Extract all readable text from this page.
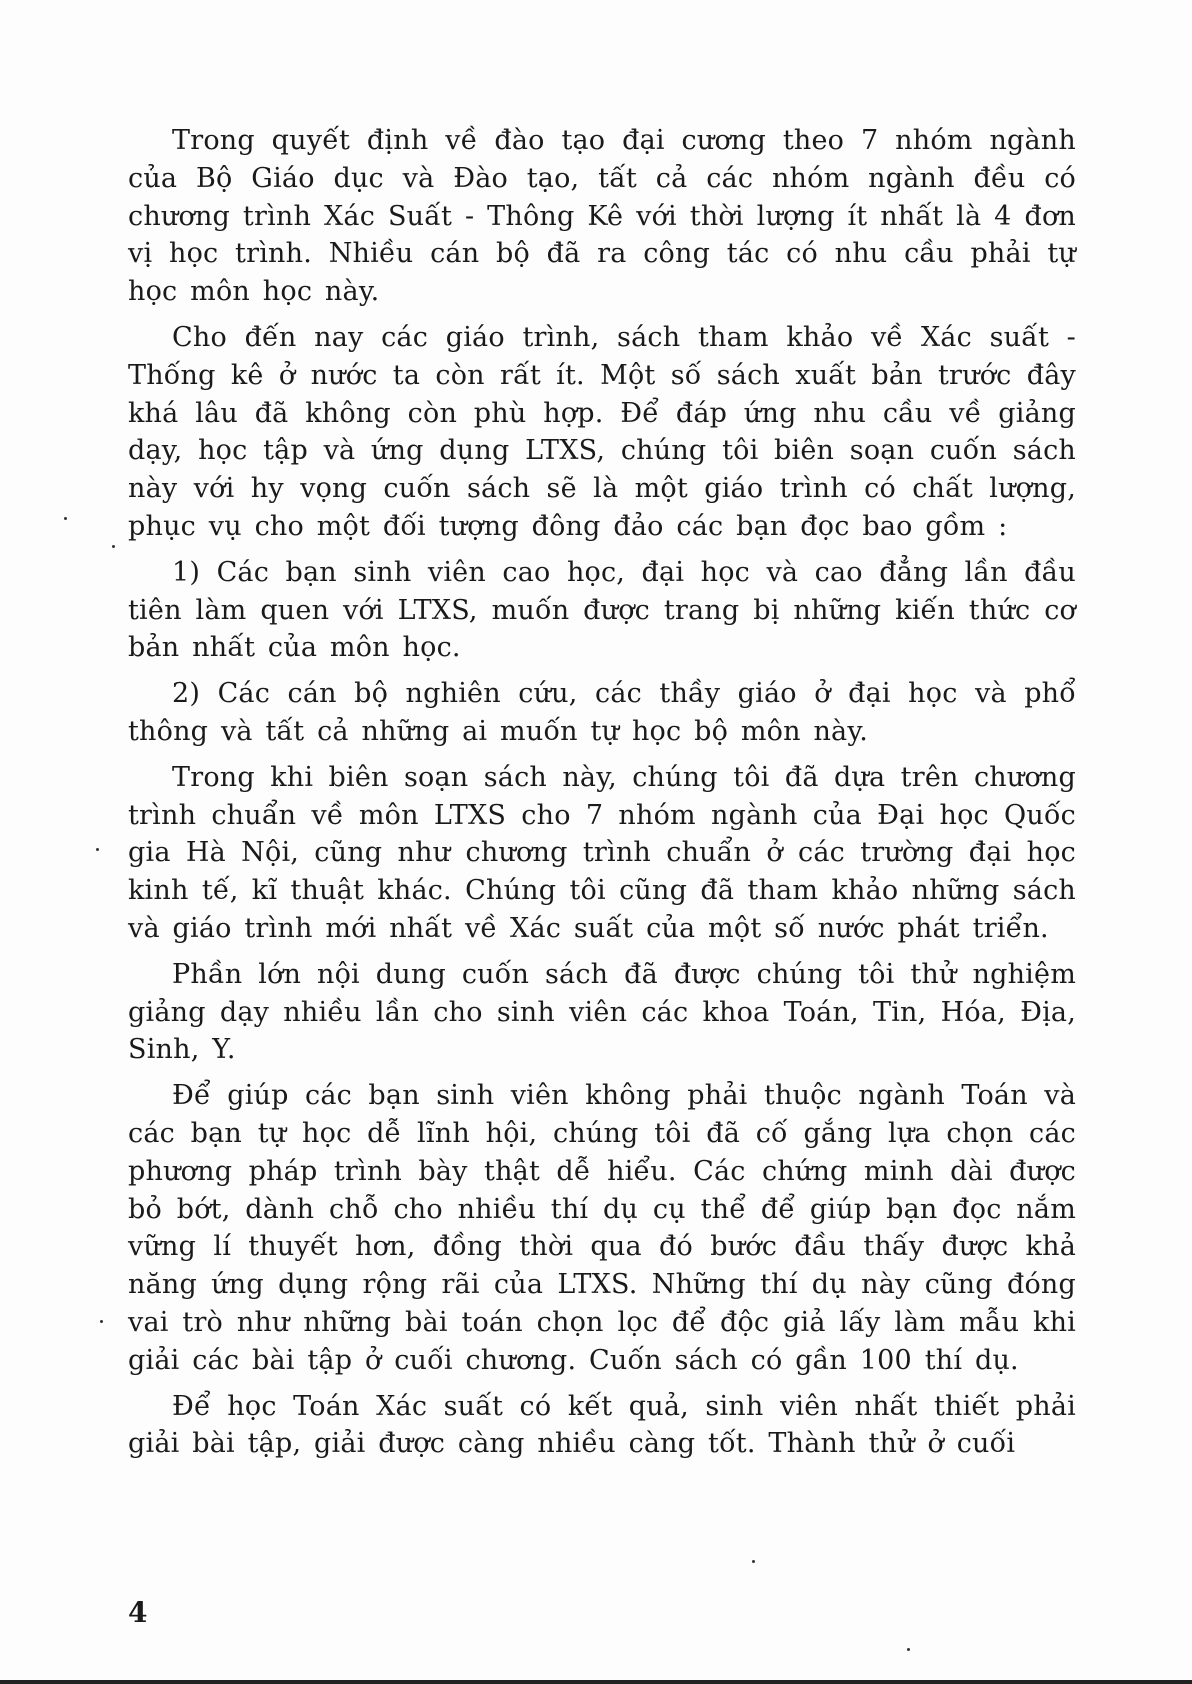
Trong quyết định về đào tạo đại cương theo 7 nhóm ngành của Bộ Giáo dục và Đào tạo, tất cả các nhóm ngành đều có chương trình Xác Suất - Thông Kê với thời lượng ít nhất là 4 đơn vị học trình. Nhiều cán bộ đã ra công tác có nhu cầu phải tự học môn học này.

Cho đến nay các giáo trình, sách tham khảo về Xác suất - Thống kê ở nước ta còn rất ít. Một số sách xuất bản trước đây khá lâu đã không còn phù hợp. Để đáp ứng nhu cầu về giảng dạy, học tập và ứng dụng LTXS, chúng tôi biên soạn cuốn sách này với hy vọng cuốn sách sẽ là một giáo trình có chất lượng, phục vụ cho một đối tượng đông đảo các bạn đọc bao gồm :

1) Các bạn sinh viên cao học, đại học và cao đẳng lần đầu tiên làm quen với LTXS, muốn được trang bị những kiến thức cơ bản nhất của môn học.

2) Các cán bộ nghiên cứu, các thầy giáo ở đại học và phổ thông và tất cả những ai muốn tự học bộ môn này.

Trong khi biên soạn sách này, chúng tôi đã dựa trên chương trình chuẩn về môn LTXS cho 7 nhóm ngành của Đại học Quốc gia Hà Nội, cũng như chương trình chuẩn ở các trường đại học kinh tế, kĩ thuật khác. Chúng tôi cũng đã tham khảo những sách và giáo trình mới nhất về Xác suất của một số nước phát triển.

Phần lớn nội dung cuốn sách đã được chúng tôi thử nghiệm giảng dạy nhiều lần cho sinh viên các khoa Toán, Tin, Hóa, Địa, Sinh, Y.

Để giúp các bạn sinh viên không phải thuộc ngành Toán và các bạn tự học dễ lĩnh hội, chúng tôi đã cố gắng lựa chọn các phương pháp trình bày thật dễ hiểu. Các chứng minh dài được bỏ bớt, dành chỗ cho nhiều thí dụ cụ thể để giúp bạn đọc nắm vững lí thuyết hơn, đồng thời qua đó bước đầu thấy được khả năng ứng dụng rộng rãi của LTXS. Những thí dụ này cũng đóng vai trò như những bài toán chọn lọc để độc giả lấy làm mẫu khi giải các bài tập ở cuối chương. Cuốn sách có gần 100 thí dụ.

Để học Toán Xác suất có kết quả, sinh viên nhất thiết phải giải bài tập, giải được càng nhiều càng tốt. Thành thử ở cuối

4
